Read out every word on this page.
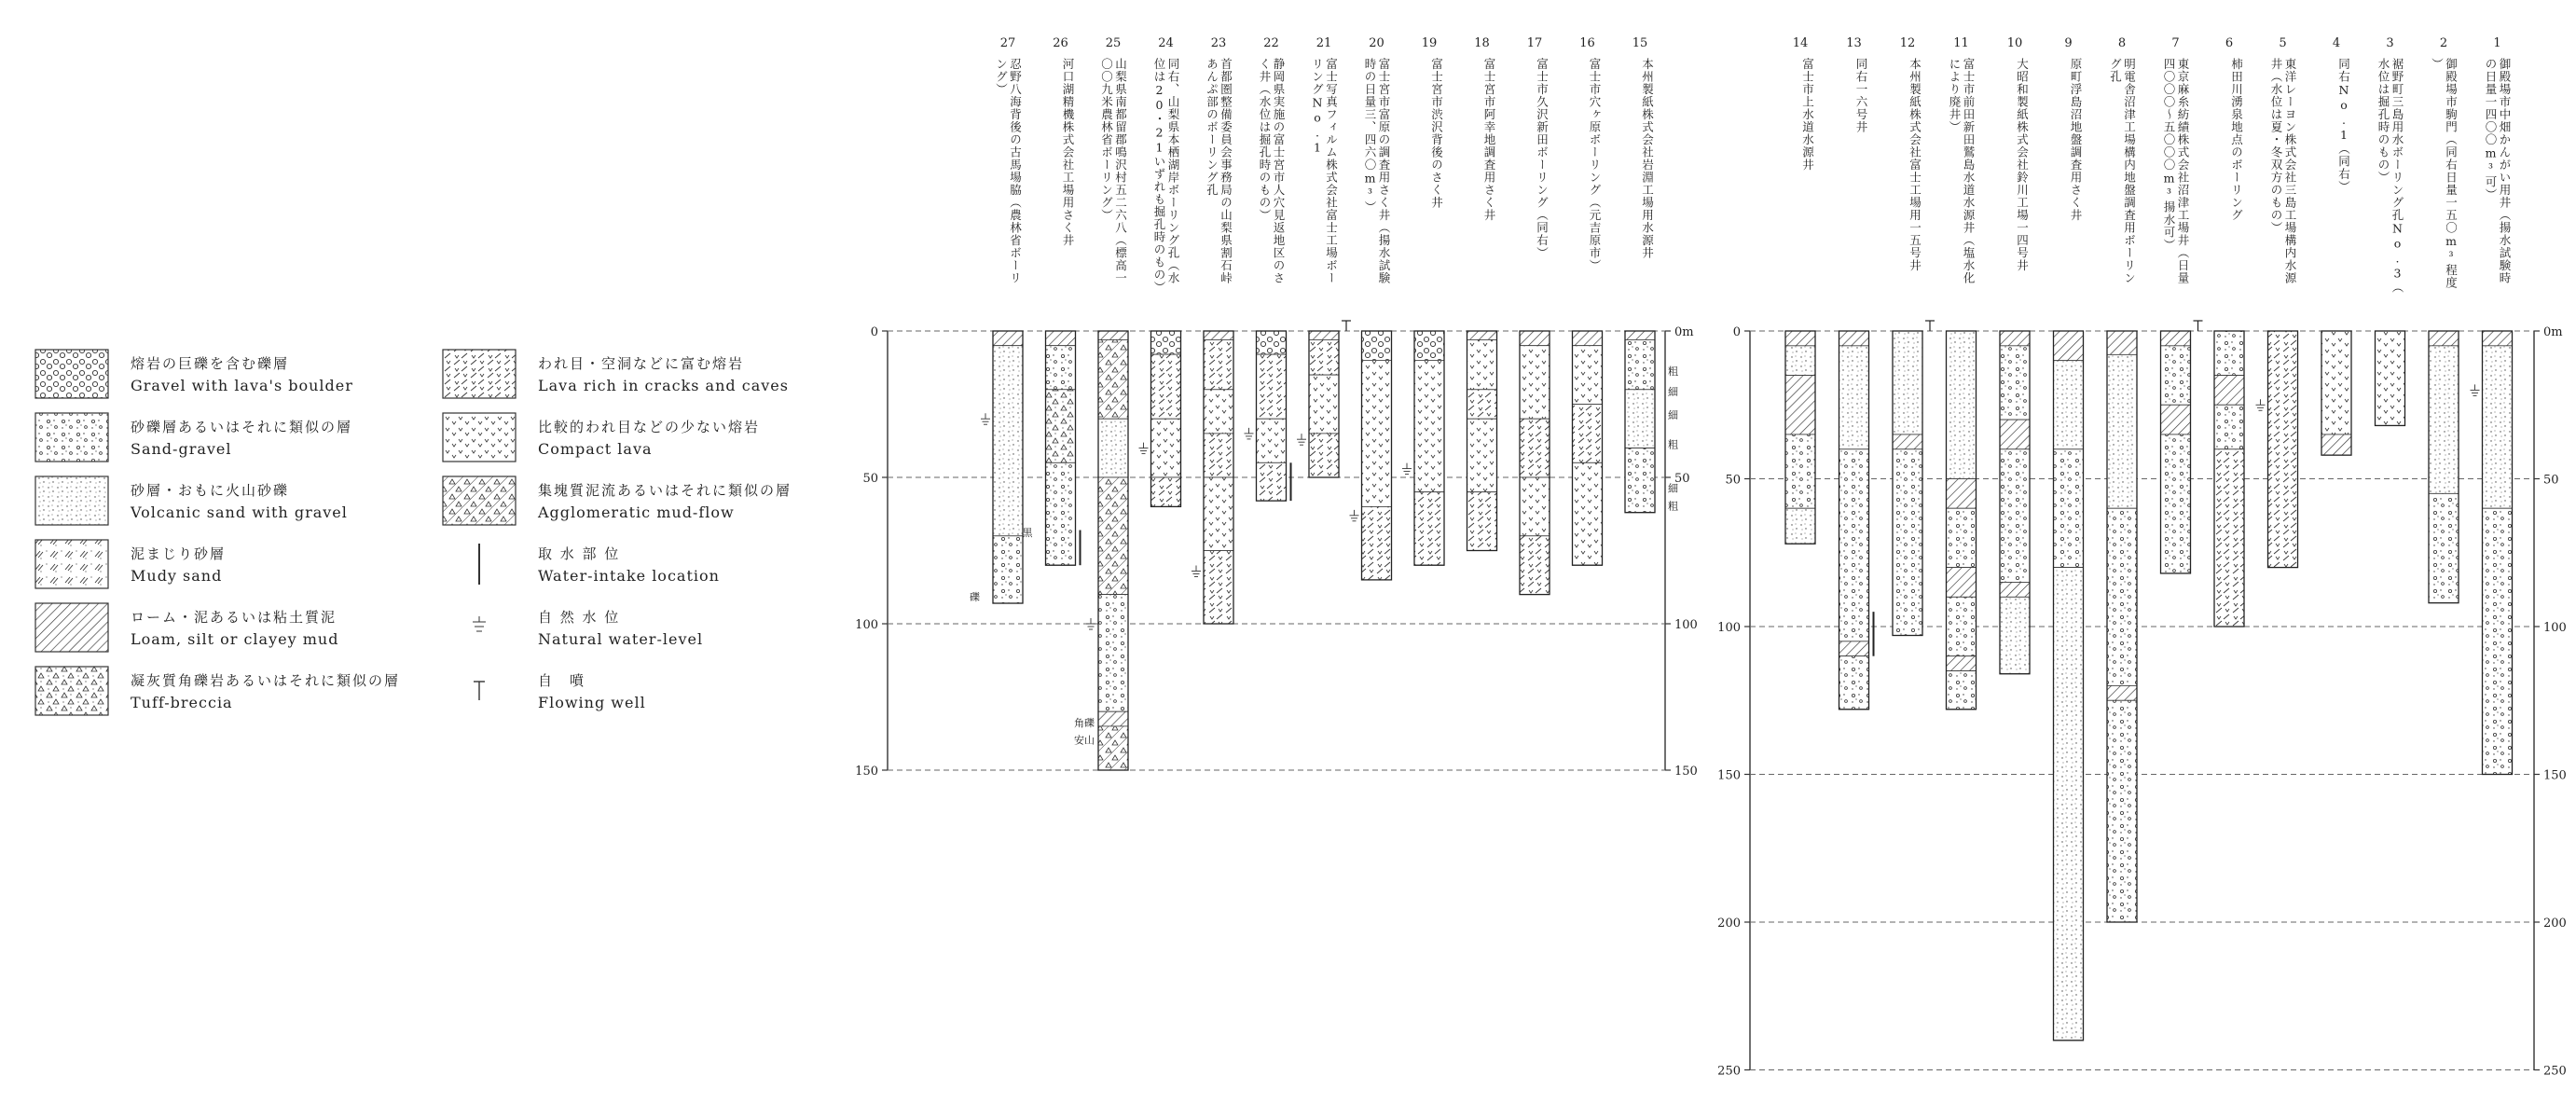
熔岩の巨礫を含む礫層
Gravel with lava's boulder
砂礫層あるいはそれに類似の層
Sand-gravel
砂層・おもに火山砂礫
Volcanic sand with gravel
泥まじり砂層
Mudy sand
ローム・泥あるいは粘土質泥
Loam, silt or clayey mud
凝灰質角礫岩あるいはそれに類似の層
Tuff-breccia
われ目・空洞などに富む熔岩
Lava rich in cracks and caves
比較的われ目などの少ない熔岩
Compact lava
集塊質泥流あるいはそれに類似の層
Agglomeratic mud-flow
取 水 部 位
Water-intake location
自 然 水 位
Natural water-level
自　噴
Flowing well
0	0m
50	50
100	100
150	150
27
忍野八海背後の古馬場脇（農林省ボーリ
ング）
礫
26
河口湖精機株式会社工場用さく井
黒
25
山梨県南都留郡鳴沢村五二六八（標高一
〇〇九米農林省ボーリング）
角礫
安山
24
同右、山梨県本栖湖岸ボーリング孔（水
位は20・21いずれも掘孔時のもの）
23
首都圏整備委員会事務局の山梨県割石峠
あんぷ部のボーリング孔
22
静岡県実施の富士宮市人穴見返地区のさ
く井（水位は掘孔時のもの）
21
富士写真フィルム株式会社富士工場ボー
リングNo.1
20
富士宮市富原の調査用さく井（揚水試験
時の日量三、四六〇m³）
19
富士宮市渋沢背後のさく井
18
富士宮市阿幸地調査用さく井
17
富士市久沢新田ボーリング（同右）
16
富士市穴ヶ原ボーリング（元吉原市）
15
本州製紙株式会社岩淵工場用水源井
粗
細
細
粗
細
粗
0	0m
50	50
100	100
150	150
200	200
250	250
14
富士市上水道水源井
13
同右一六号井
12
本州製紙株式会社富士工場用一五号井
11
富士市前田新田鷲島水道水源井（塩水化
により廃井）
10
大昭和製紙株式会社鈴川工場一四号井
9
原町浮島沼地盤調査用さく井
8
明電舎沼津工場構内地盤調査用ボーリン
グ孔
7
東京麻糸紡績株式会社沼津工場井（日量
四〇〇〇〜五〇〇〇m³揚水可）
6
柿田川湧泉地点のボーリング
5
東洋レーヨン株式会社三島工場構内水源
井（水位は夏・冬双方のもの）
4
同右No.1（同右）
3
裾野町三島用水ボーリング孔No.3（
水位は掘孔時のもの）
2
御殿場市駒門（同右日量一五〇m³程度
）
1
御殿場市中畑かんがい用井（揚水試験時
の日量一四〇〇m³可）
